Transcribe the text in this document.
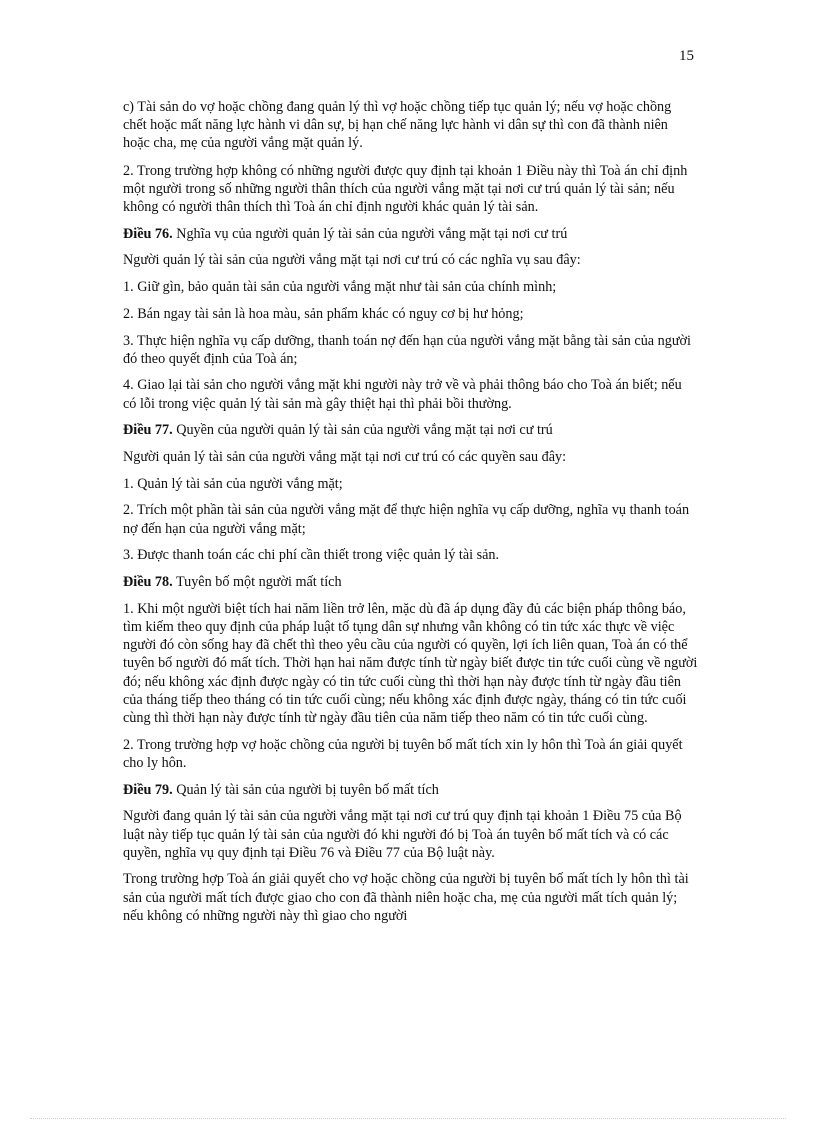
15

c) Tài sản do vợ hoặc chồng đang quản lý thì vợ hoặc chồng tiếp tục quản lý; nếu vợ hoặc chồng chết hoặc mất năng lực hành vi dân sự, bị hạn chế năng lực hành vi dân sự thì con đã thành niên hoặc cha, mẹ của người vắng mặt quản lý.

2. Trong trường hợp không có những người được quy định tại khoản 1 Điều này thì Toà án chỉ định một người trong số những người thân thích của người vắng mặt tại nơi cư trú quản lý tài sản; nếu không có người thân thích thì Toà án chỉ định người khác quản lý tài sản.

Điều 76. Nghĩa vụ của người quản lý tài sản của người vắng mặt tại nơi cư trú

Người quản lý tài sản của người vắng mặt tại nơi cư trú có các nghĩa vụ sau đây:

1. Giữ gìn, bảo quản tài sản của người vắng mặt như tài sản của chính mình;

2. Bán ngay tài sản là hoa màu, sản phẩm khác có nguy cơ bị hư hỏng;

3. Thực hiện nghĩa vụ cấp dưỡng, thanh toán nợ đến hạn của người vắng mặt bằng tài sản của người đó theo quyết định của Toà án;

4. Giao lại tài sản cho người vắng mặt khi người này trở về và phải thông báo cho Toà án biết; nếu có lỗi trong việc quản lý tài sản mà gây thiệt hại thì phải bồi thường.

Điều 77. Quyền của người quản lý tài sản của người vắng mặt tại nơi cư trú

Người quản lý tài sản của người vắng mặt tại nơi cư trú có các quyền sau đây:

1. Quản lý tài sản của người vắng mặt;

2. Trích một phần tài sản của người vắng mặt để thực hiện nghĩa vụ cấp dưỡng, nghĩa vụ thanh toán nợ đến hạn của người vắng mặt;

3. Được thanh toán các chi phí cần thiết trong việc quản lý tài sản.

Điều 78. Tuyên bố một người mất tích

1. Khi một người biệt tích hai năm liền trở lên, mặc dù đã áp dụng đầy đủ các biện pháp thông báo, tìm kiếm theo quy định của pháp luật tố tụng dân sự nhưng vẫn không có tin tức xác thực về việc người đó còn sống hay đã chết thì theo yêu cầu của người có quyền, lợi ích liên quan, Toà án có thể tuyên bố người đó mất tích. Thời hạn hai năm được tính từ ngày biết được tin tức cuối cùng về người đó; nếu không xác định được ngày có tin tức cuối cùng thì thời hạn này được tính từ ngày đầu tiên của tháng tiếp theo tháng có tin tức cuối cùng; nếu không xác định được ngày, tháng có tin tức cuối cùng thì thời hạn này được tính từ ngày đầu tiên của năm tiếp theo năm có tin tức cuối cùng.

2. Trong trường hợp vợ hoặc chồng của người bị tuyên bố mất tích xin ly hôn thì Toà án giải quyết cho ly hôn.

Điều 79. Quản lý tài sản của người bị tuyên bố mất tích

Người đang quản lý tài sản của người vắng mặt tại nơi cư trú quy định tại khoản 1 Điều 75 của Bộ luật này tiếp tục quản lý tài sản của người đó khi người đó bị Toà án tuyên bố mất tích và có các quyền, nghĩa vụ quy định tại Điều 76 và Điều 77 của Bộ luật này.

Trong trường hợp Toà án giải quyết cho vợ hoặc chồng của người bị tuyên bố mất tích ly hôn thì tài sản của người mất tích được giao cho con đã thành niên hoặc cha, mẹ của người mất tích quản lý; nếu không có những người này thì giao cho người
